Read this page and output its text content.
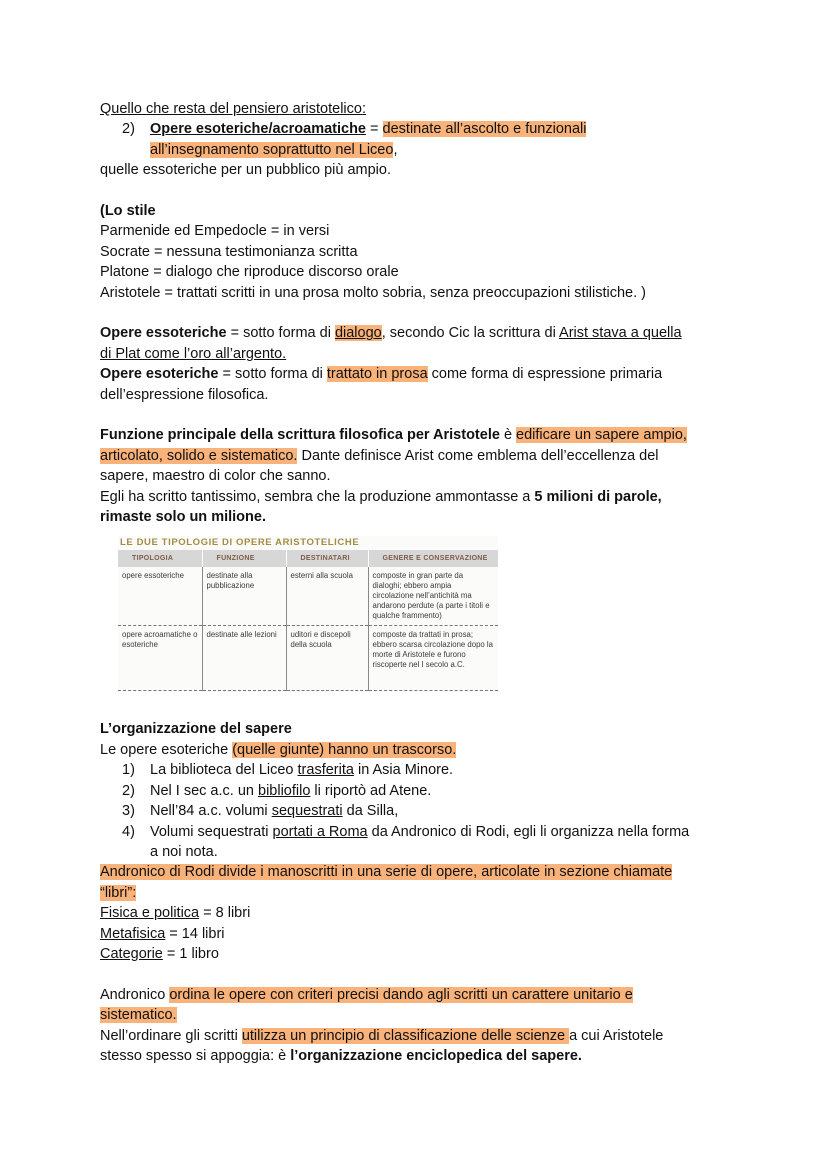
Quello che resta del pensiero aristotelico:
2) Opere esoteriche/acroamatiche = destinate all’ascolto e funzionali
all’insegnamento soprattutto nel Liceo,
quelle essoteriche per un pubblico più ampio.
(Lo stile
Parmenide ed Empedocle = in versi
Socrate = nessuna testimonianza scritta
Platone = dialogo che riproduce discorso orale
Aristotele = trattati scritti in una prosa molto sobria, senza preoccupazioni stilistiche. )
Opere essoteriche = sotto forma di dialogo, secondo Cic la scrittura di Arist stava a quella
di Plat come l’oro all’argento.
Opere esoteriche = sotto forma di trattato in prosa come forma di espressione primaria
dell’espressione filosofica.
Funzione principale della scrittura filosofica per Aristotele è edificare un sapere ampio,
articolato, solido e sistematico. Dante definisce Arist come emblema dell’eccellenza del
sapere, maestro di color che sanno.
Egli ha scritto tantissimo, sembra che la produzione ammontasse a 5 milioni di parole,
rimaste solo un milione.
LE DUE TIPOLOGIE DI OPERE ARISTOTELICHE
TIPOLOGIA	FUNZIONE	DESTINATARI	GENERE E CONSERVAZIONE
opere essoteriche	destinate alla pubblicazione	esterni alla scuola	composte in gran parte da dialoghi; ebbero ampia circolazione nell’antichità ma andarono perdute (a parte i titoli e qualche frammento)
opere acroamatiche o esoteriche	destinate alle lezioni	uditori e discepoli della scuola	composte da trattati in prosa; ebbero scarsa circolazione dopo la morte di Aristotele e furono riscoperte nel I secolo a.C.
L’organizzazione del sapere
Le opere esoteriche (quelle giunte) hanno un trascorso.
1) La biblioteca del Liceo trasferita in Asia Minore.
2) Nel I sec a.c. un bibliofilo li riportò ad Atene.
3) Nell’84 a.c. volumi sequestrati da Silla,
4) Volumi sequestrati portati a Roma da Andronico di Rodi, egli li organizza nella forma
a noi nota.
Andronico di Rodi divide i manoscritti in una serie di opere, articolate in sezione chiamate
“libri”:
Fisica e politica = 8 libri
Metafisica = 14 libri
Categorie = 1 libro
Andronico ordina le opere con criteri precisi dando agli scritti un carattere unitario e
sistematico.
Nell’ordinare gli scritti utilizza un principio di classificazione delle scienze a cui Aristotele
stesso spesso si appoggia: è l’organizzazione enciclopedica del sapere.
